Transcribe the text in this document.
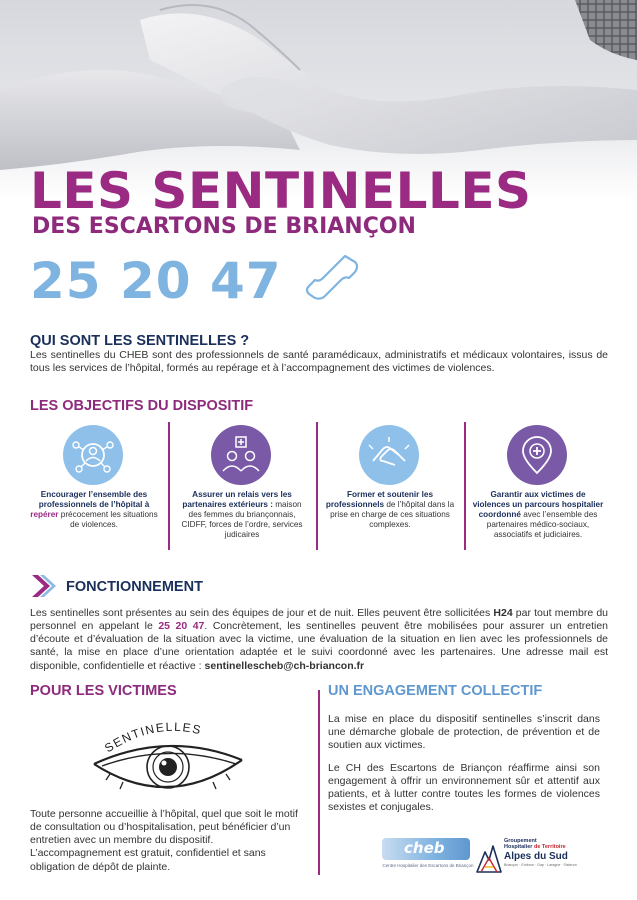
LES SENTINELLES
DES ESCARTONS DE BRIANÇON
25 20 47
QUI SONT LES SENTINELLES ?

Les sentinelles du CHEB sont des professionnels de santé paramédicaux, administratifs et médicaux volontaires, issus de tous les services de l’hôpital, formés au repérage et à l’accompagnement des victimes de violences.

LES OBJECTIFS DU DISPOSITIF
Encourager l’ensemble des professionnels de l’hôpital à repérer précocement les situations de violences.
Assurer un relais vers les partenaires extérieurs : maison des femmes du briançonnais, CIDFF, forces de l’ordre, services judicaires
Former et soutenir les professionnels de l’hôpital dans la prise en charge de ces situations complexes.
Garantir aux victimes de violences un parcours hospitalier coordonné avec l’ensemble des partenaires médico-sociaux, associatifs et judiciaires.
FONCTIONNEMENT

Les sentinelles sont présentes au sein des équipes de jour et de nuit. Elles peuvent être sollicitées H24 par tout membre du personnel en appelant le 25 20 47. Concrètement, les sentinelles peuvent être mobilisées pour assurer un entretien d’écoute et d’évaluation de la situation avec la victime, une évaluation de la situation en lien avec les professionnels de santé, la mise en place d’une orientation adaptée et le suivi coordonné avec les partenaires. Une adresse mail est disponible, confidentielle et réactive : sentinellescheb@ch-briancon.fr

POUR LES VICTIMES
SENTINELLES

Toute personne accueillie à l’hôpital, quel que soit le motif de consultation ou d’hospitalisation, peut bénéficier d’un entretien avec un membre du dispositif. L’accompagnement est gratuit, confidentiel et sans obligation de dépôt de plainte.

UN ENGAGEMENT COLLECTIF

La mise en place du dispositif sentinelles s’inscrit dans une démarche globale de protection, de prévention et de soutien aux victimes.

Le CH des Escartons de Briançon réaffirme ainsi son engagement à offrir un environnement sûr et attentif aux patients, et à lutter contre toutes les formes de violences sexistes et conjugales.

cheb
Centre Hospitalier des Escartons de Briançon
Groupement
Hospitalier de Territoire
Alpes du Sud
Briançon · Embrun · Gap · Laragne · Sisteron
